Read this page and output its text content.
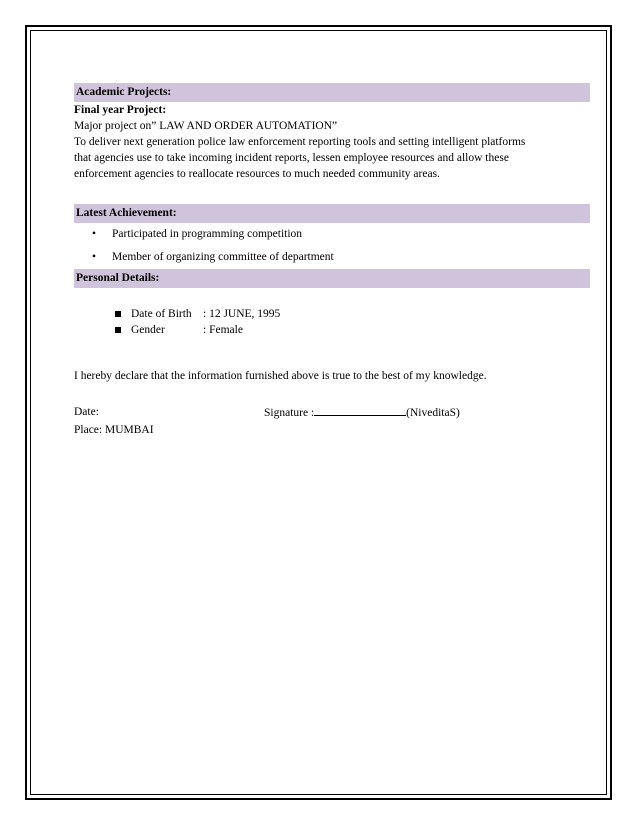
Academic Projects:

Final year Project:

Major project on” LAW AND ORDER AUTOMATION”

To deliver next generation police law enforcement reporting tools and setting intelligent platforms

that agencies use to take incoming incident reports, lessen employee resources and allow these

enforcement agencies to reallocate resources to much needed community areas.

Latest Achievement:
• Participated in programming competition
• Member of organizing committee of department
Personal Details:
Date of Birth : 12 JUNE, 1995
Gender	: Female

I hereby declare that the information furnished above is true to the best of my knowledge.

Date:	Signature :	(NiveditaS)

Place: MUMBAI
